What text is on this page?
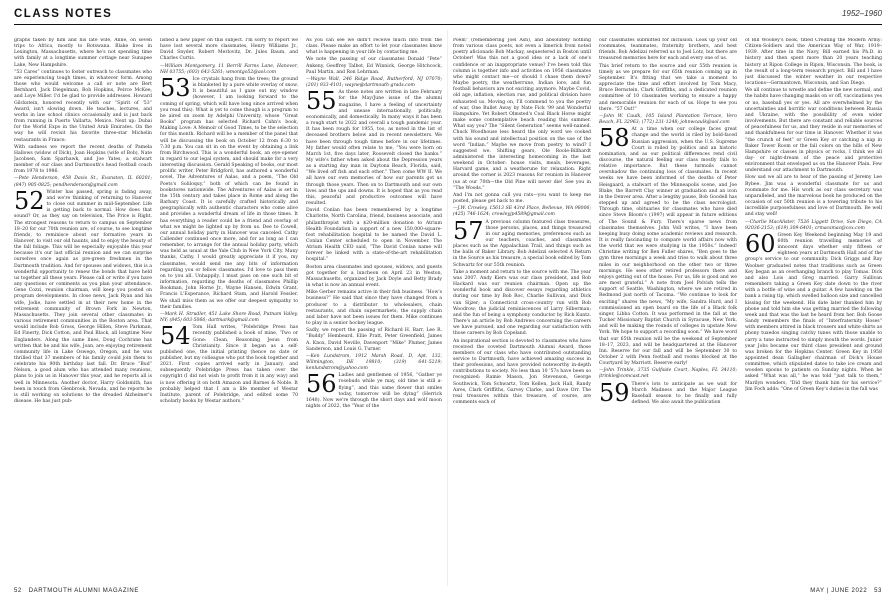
CLASS NOTES	1952–1960

graphs taken by him and his late wife, Anne, on seven trips to Africa, mostly to Botswana. Blake lives in Lexington, Massachusetts, where he's not spending time with family at a longtime summer cottage near Sunapee Lake, New Hampshire.

“53 Cares” continues to foster outreach to classmates who are experiencing tough times, in whatever form. Among those who would welcome a call or note are Bert Bernhard, Jack Diegelman, Bob Hopkins, Peirce McKee, and Loye Miller. I'd be glad to provide addresses. Howard Gilckstein, honored recently with our “Spirit of '53” Award, isn't slowing down. He teaches, lectures, and works in law school clinics occasionally and is just back from running in Puerto Vallarta, Mexico. Next up: Dubai for the World Expo in the United Arab Emirates. On the way he will revisit his favorite three-star Michelin restaurants in France.

With sadness we report the recent deaths of Pamela Hallows (widow of Dick), Joan Hopkins (wife of Bob), Nate Jacobsen, Sam Sparhawk, and Joe Yates, a stalwart member of our class and Dartmouth's head football coach from 1978 to 1986.

—Pete Henderson, 458 Davis St., Evanston, IL 60201; (847) 905-0825; pendhenderson@gmail.com

52 Winter has passed, spring is fading away, and we're thinking of returning to Hanover to close out summer in mid-September. Life is getting back to normal. How does that sound? Or, as they say on television, The Price is Right. The strongest reasons to return to campus on September 18–20 for our 70th reunion are, of course, to see longtime friends, to reminisce about our formative years in Hanover, to visit our old haunts, and to enjoy the beauty of the fall foliage. This will be especially enjoyable this year because it's our last official reunion and we can surprise ourselves once again as pre-green freshmen in the Dartmouth tradition. And for spouses and widows, this is a wonderful opportunity to renew the bonds that have held us together all these years. Please call or write if you have any questions or comments as you plan your attendance. Gene Cozzi, reunion chairman, will keep you posted on program developments. In close news, Jack Ryan and his wife, Jodie, have settled in at their new home in the retirement community of Brown Fork in Newton, Massachusetts. They join several other classmates in various retirement communities in the Boston area. That would include Bob Gross, George Hillen, Steve Parkman, Ed Finerty, Dick Cotton, and Paul Black, all longtime New Englanders. Along the same lines, Doug Cochrane has written that he and his wife, Joan, are enjoying retirement community life in Lake Oswego, Oregon, and he was thrilled that 37 members of his family could join them to celebrate his 90th birthday last fall. Dr. Bruce “Bud” Nelson, a good alum who has attended many reunions, plans to join us in Hanover this year, and he reports all is well in Minnesota. Another doctor, Harry Goldsmith, has been in touch from Glenbrook, Nevada, and he reports he is still working on solutions to the dreaded Alzheimer's disease. He has just pub-

lished a new paper on this subject. I'm sorry to report we have lost several more classmates, Henry Williams Jr., David Snyder, Robert Merlovitz, Dr. Jules Baum, and Charles Curtis.

—William Montgomery, 11 Berrill Farms Lane, Hanover, NH 03755; (603) 643-5261; wmontgo52@aol.com

53 Ice crystals hang from the trees; the ground is blanketed by a pure white overlay of snow. It is beautiful as I gaze out my window (however, I am looking forward to the coming of spring, which will have long since arrived when you read this). What is yet to come though is a program to be aired on zoom by Adelphi University, whose “Great Books” program has selected Richard Cahn's book, Making Love: A Memoir of Good Times, to be the selection for this month. Richard will be a member of the panel that will be discussing the book on October 12 from 6:30 to 7:30 p.m. You can sit in on the event by obtaining a link from Birchwood. This is a wonderful book, an eye-opener in regard to our legal system, and should make for a very interesting discussion. Gerald Speaking of books, our most prolific writer, Peter Bridgford, has authored a wonderful novel, The Adventures of Aalas, and a poem, “The Old Poets's Soliloquy,” both of which can be found in bookstores nationwide. The Adventures of Aalas is set in the 15th century and takes place in Rome and along the Barbary Coast. It is carefully crafted historically and geographically with authentic characters who come alive and provides a wonderful dream of life in those times. It has everything a reader could be a friend and overlap of what we might be lighted up by from us. Dee to Cowell, our annual holiday party in Hanover was canceled. Cathy Callender continued once more, and for as long as I can remember, to arrange for the annual holiday party, which was held as usual at the Yale Club in New York City. Many thanks, Cathy. I would greatly appreciate it if you, my classmates, would send me any bits of information regarding you or fellow classmates. I'd love to pass them on to you all. Unhappily, I must pass on one such bit of information, regarding the deaths of classmates Phillip Bookman, John Horne Jr., Wayne Hansen, Edwin Grant, Francis L'Esperance, Richard Stam, and Harold Fessler. We shall miss them as we offer our deepest sympathy to their families.

—Mark H. Strudler, 451 Lake Shore Road, Putnam Valley, NY; (845) 603-5066; dartmark@gmail.com

54 Tom Hall writes, “Polebridge Press has recently published a book of mine, ‘Two or Gone: Clean, Reasoning Jesus from Christianity. Since it began as a self-published one, the initial printing (hence no date or publisher, but my colleague who put the book together and 2021. First copies arrived early in January, and subsequently Polebridge Press has taken over the copyright (I did not wish to profit from it in any way) and is now offering it on both Amazon and Barnes & Noble. It probably helped that I am a life member of Westar Institute, parent of Polebridge, and edited some 70 scholarly books by Westar authors.”

As you can see we didn't receive much info from the class. Please make an effort to let your classmates know what is happening in your life by contacting me.

We note the passing of our classmates Donald “Pete” Ankeny, Geoffrey Talbot, Ed Winnick, George Hitchcock, Paul Martin, and Ron Lehrman.

—Wayne Wall, 246 Ridge Road, Rutherford, NJ 07070; (201) 933-4101; wayne@dartmouth-grads.com

55 As these notes are written in late February for the May/June issue of the alumni magazine, I have a feeling of uncertainty and unease internationally, politically, economically, and domestically. In many ways it has been a rough start to 2022 and overall a tough pandemic year. It has been rough for 1955, too, as noted in the list of deceased brothers below and in recent newsletters. We have been through tough times before in our lifetimes. My father would often relate to me, “You were born on March 1st, five days later, Roosevelt closed the banks.” My wife's father when asked about the Depression years as a starting day man in Daytona Beach, Florida, said, “We lived off fish and each other.” Then come WW II. We all have our own memories of how our parents got us through those years. Then on to Dartmouth and our own lives and the ups and downs. It is hoped that as you read this, peaceful and productive outcomes will have resulted.

David Conlan has been remembered by a longtime Charlotte, North Carolina, friend, business associate, and philanthropist with a $20-million donation to Atrium Health Foundation in support of a new 150,000-square-foot rehabilitation hospital to be named the David L. Conlan Center scheduled to open in November. The Atrium Health CEO said, “The David Conlan name will forever be linked with a state-of-the-art rehabilitation hospital.”

Boston area classmates and spouses, widows, and guests got together for a luncheon on April 23 in Weston, Massachusetts, organized by Jack Doyle and Betty Brady in what is now an annual event.

Mike Gerber remains active in their fish business. “How's business?” He said that since they have changed from a producer to a distributor to wholesalers, chain restaurants, and chain supermarkets, the supply chain and labor have not been issues for them. Mike continues to play in a senior hockey league.

Sadly, we report the passing of Richard H. Barr, Lee R. “Buddy” Hembeard, Ellie Pratt, Peter Greenfield, James A. Knox, David Neville, Davenport “Mike” Plumer, James Sanderson, and Louis G. Turner.

—Ken Lundstrom, 1912 Marsh Road, D, Apt. 132, Wilmington, DE 19810; (319) 641-5219; kenlundstrom@yahoo.com

56 Ladies and gentlemen of 1956, “Gather ye rosebuds while ye may, old time is still a-flying”, and this same flower that smiles today, tomorrow will be dying” (Herrick 1648). Now we're through the short days and wolf moon nights of 2022, the “Year of the

Poem” (remembering Joel Ash), and absolutely nothing from various class poets, not even a limerick from noted poetry aficionado Bob Mackay, sequestered in Boston until October! Was this not a good idea or a lack of one's confidence or an inappropriate venue? I've been told this column is together info and activities on 1956 classmates who might contact me—or should I chase them down? Maybe poetry, the weatherrune, Indian lore, and fun football behaviors are not exciting anymore. Maybe Covid, old age, inflation, election rue, and political division have exhausted us. Moving on, I'll commend to you the poetry of war, One Bullet Away by Nate Fick '99 and Wonderful Hampshire. Yet Robert Olmsted's Coal Black Horse might make some contemplative beach reading this summer. What say you? The “Silent Generation” seems well-named. Chuck Woodhouse less heard the only word we cooked with his sound and intellectual position on the use of the word “Indian.” Maybe we move from poetry to wind? I suggested we. Shifting gears, Ole Roole-Billhardt administered the interesting homecoming in the last weekend in October: house visits, meals, beverages, Harvard game, and a weatherune for relaxation. Right around the corner is 2023 reasons for reunion in Hanover (us at our 70th—the Old Pine will never die! See you in “The Woods.”

And I'm not gonna call you rats—you want to keep me posted, please get back to me.

—J.W. Crowley, 15613 SE 43rd Place, Bellevue, WA 98006; (425) 746-1624; crowleyjp4589@gmail.com

57 A previous column featured class treasures, those persons, places, and things treasured in our aging memories, preferences such as our teachers, coaches, and classmates places such as the Appalachian Trail, and things such as the balls of Baker Library. Bob Adelizzi selected A Return in the Source as his treasure, a special book edited by Tom Schwartz for our 55th reunion.

Take a moment and return to the source with me. The year was 2007. Andy Kiers was our class president, and Rob Hackard was our reunion chairman. Open up the wonderful book and discover essays regarding athletics during our time by Bob Roc, Charlie Sullivan, and Dick van Sijzer; a Connecticut cross-country run with Bob Woodrow; the judicial reminiscences of Larry Silberman; and the fun of being a symphony conductor by Rick Kuntz. There's an article by Bob Andrews concerning the careers we have pursued, and one regarding our satisfaction with those careers by Bob Copeland.

An inspirational section is devoted to classmates who have received the coveted Dartmouth Alumni Award, those members of our class who have contributed outstanding service to Dartmouth, have achieved amazing success in their professions, and have provided noteworthy in-depth contributions to society. No less than 10 '57s have been so recognized: Ramie Mason, Jon Stevenson, George Southwick, Tom Schwartz, Tom Kellen, Jack Hall, Randy Aires, Clark Griffiths, Garvey Clarke, and Dave Orr. The real treasures within this treasure, of course, are comments each of

our classmates submitted for inclusion. Look up your old roommates, teammates, fraternity brothers, and best friends. Bob Adelizzi referred us to Joel Lotz, but there are treasured memories here for each and every one of us.

This brief return to the source and our 55th reunion is timely as we prepare for our 65th reunion coming up in September. It's fitting that we take a moment to appreciate the time and effort involved by Tom Macy, Bruce Bernstein, Clark Griffiths, and a dedicated reunion committee of 10 classmates working to ensure a happy and memorable reunion for each of us. Hope to see you there. “57 Out!”

—John W. Caulk, 105 Island Plantation Terrace, Vero Beach, FL 32963; (772) 231-1248; johnwcaulk@aol.com

58 At a time when our college faces great change and the world is riled by bold-faced Russian aggression, when the U.S. Supreme Court is roiled by politics and an historic nomination, and as our political differences rend civil discourse, the natural feeling our class mostly fails to relative importance. But these turmoils cannot overshadow the continuing loss of classmates. In recent weeks we have been informed of the deaths of Peter Heisgaard, a stalwart of the Minneapolis scene, and Joe Blake, the Barrett Clay winner at graduation and an icon in the Denver area. After a lengthy pause, Bob Goodell has stepped up and agreed to be the class necrologist. Through time, obituaries for classmates who have died since Steve Bloom's (1997) will appear in future editions of The Sound & Fury. There's sparse news from classmates themselves. John Voll writes, “I have been keeping busy doing some academic reviews and research. It is really fascinating to compare world affairs now with the world that we were studying in the 1950s.” Indeed! Christine writing for Ben Fuller shares, “Ben goes to the gym three mornings a week and tries to walk about three miles in our neighborhood on the other two or three mornings. He sees other retired professors there and enjoys getting out of the house. For us, life is good and we are most grateful.” A note from Joel Polvish tells the support of Seattle, Washington, where we are retired in Redmond just north of Tacoma. “We continue to look for exciting” shares the news, “My wife, Sandra Hurd, and I commissioned an open board on the life of a Black folk singer, Libba Cotton. It was performed in the fall at the Tucker Missionary Baptist Church in Syracuse, New York, and will be making the rounds of colleges in upstate New York. We hope to support a recording soon.” We have word that our 65th reunion will be the weekend of September 18–17, 2023, and will be headquartered at the Hanover Inn. Reserve for our fall and will be September 30 to October 2 with Penn football and rooms blocked at the Courtyard by Marriott. Reserve early!

—John Trinkle, 3735 Gulfside Court, Naples, FL 34110; jtrinkle@comcast.net

59 There's lots to anticipate as we wait for March Madness and the Major League Baseball season to be finally and fully defined. We also await the publication

of Bill Woolley's book, titled Creating the Modern Army: Citizen-Soldiers and the American Way of War, 1919–1939. After time in the Navy, Bill earned his Ph.D. in history and then spent more than 20 years teaching history at Ripon College in Ripon, Wisconsin. The book, is the result of a long-term research project. Bill and I have just discussed the winter weather in our respective locations—Germantown, Wisconsin, and San Diego.

We all continue to wrestle and define the new normal, and the habits have changing masks on or off, vaccinations yes or no, baseball yes or yes. All are overwhelmed by the uncertainties and horrific war conditions between Russia and Ukraine, with the possibility of even wider involvements. But there are constant and reliable sources of peacefulness for us, and they reside in our memories of and thankfulness for our time in Hanover. Whether it was “the crunch of feet” or Green Key or catching a nap in Baker Tower Room or the fall colors on the hills of New Hampshire or classes in physics or rocks, I think we all day- or night-dream of the peace and protective environment that enveloped us on the Hanover Plain. Few understand our attachment to Dartmouth.

How sad we all are to hear of the passing of Jeremy Lee Bybee. Jim was a wonderful classmate for us and roommate for me. His work as our class secretary was unparalleled, and the marvelous book he produced on the occasion of our 50th reunion is a towering tribute to his incredible purposefulness and love of Dartmouth. Be well and stay well!

—Charlie MacAlister, 7526 Liggett Drive, San Diego, CA 92036-2153; (619) 309-6401; crmacsmac@cox.com

60 Green Key Weekend beginning May 19 and 60th reunion travelling memories of innocent days whether only fifteen or eighteen years at Dartmouth Hall and of the group's service to our community. Dick Griggs and Ray Woolner graduated notes that traditions such as Green Key began as an overhanging branch to play Tomas. Dick and also Lois and Greg married. Garry Sullivan remembers taking a Green Key date down to the river with a bottle of wine and a guitar. A few hawking on the bank a rising tip, which swelled balloon size and cancelled kissing for the weekend. His date later thanked him by phone and told him she was getting married the following week and that was the last he heard from her. Bob Goose Sandy remembers the finals of “Interfraternity Hoses” with members attired in black trousers and white shirts as phony tuxedos singing catchy tunes with those unable to carry a tune instructed to simply mouth the words. Junior year Jobs became our third class president and ground was broken for the Hopkins Center. Green Key in 1958 appointed dean Gallagher chairman of Dick's House committee, which stipulated dates to take ice cream and wooden spoons to patients on Sunday nights. When he asked “What was all,” he was told “just talk to them,” Marilyn wonders, “Did they thank him for his service?” Jim Foch adds: “One of Green Key's duties in the fall was

52 DARTMOUTH ALUMNI MAGAZINE	MAY | JUNE 2022 53
